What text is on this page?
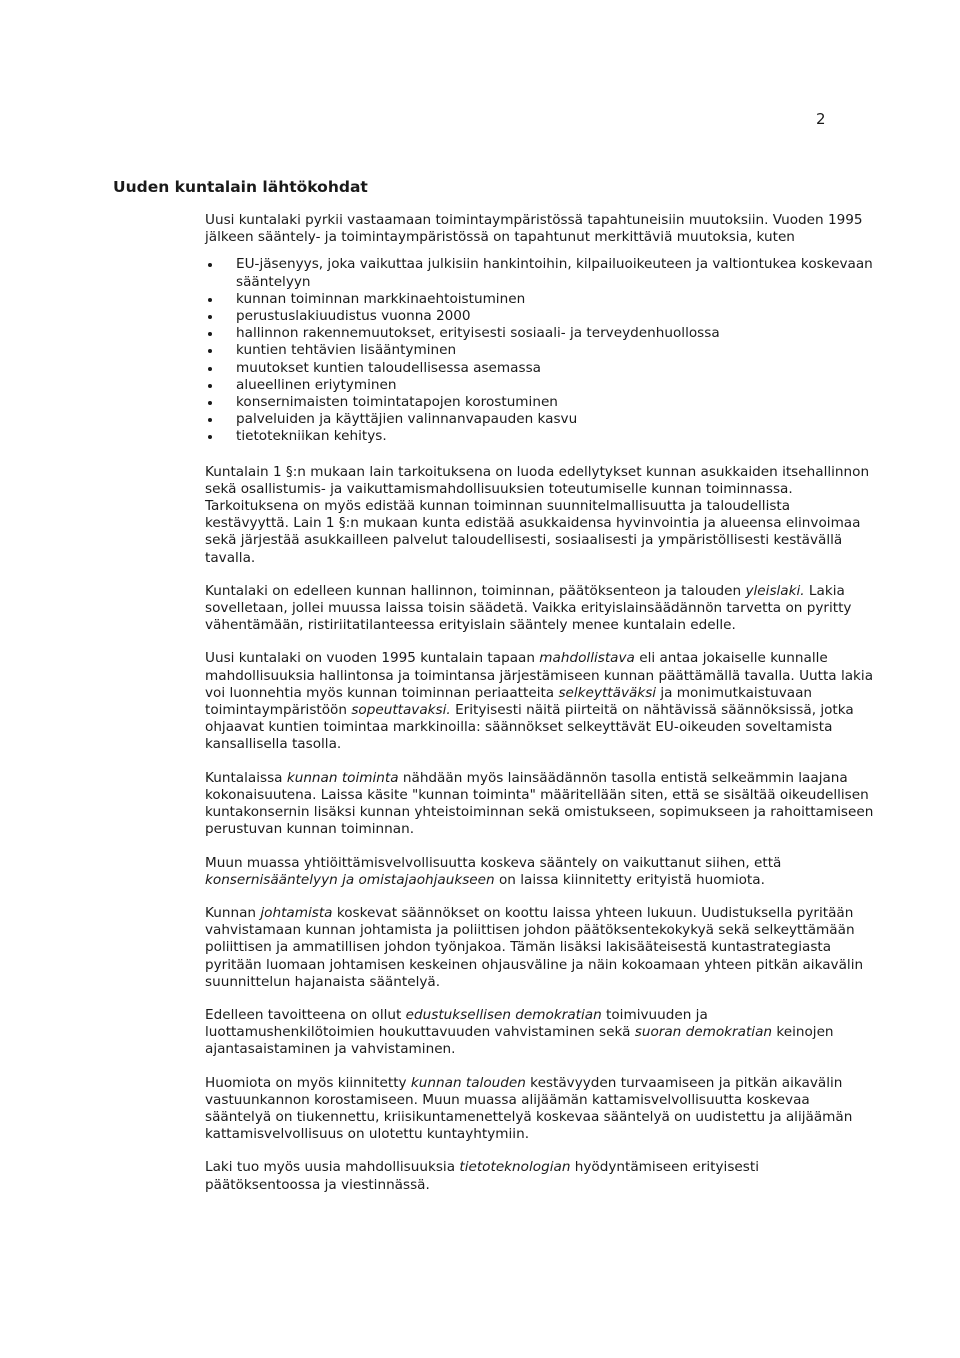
2
Uuden kuntalain lähtökohdat

Uusi kuntalaki pyrkii vastaamaan toimintaympäristössä tapahtuneisiin muutoksiin. Vuoden 1995 jälkeen sääntely- ja toimintaympäristössä on tapahtunut merkittäviä muutoksia, kuten

EU-jäsenyys, joka vaikuttaa julkisiin hankintoihin, kilpailuoikeuteen ja valtiontukea koskevaan sääntelyyn
kunnan toiminnan markkinaehtoistuminen
perustuslakiuudistus vuonna 2000
hallinnon rakennemuutokset, erityisesti sosiaali- ja terveydenhuollossa
kuntien tehtävien lisääntyminen
muutokset kuntien taloudellisessa asemassa
alueellinen eriytyminen
konsernimaisten toimintatapojen korostuminen
palveluiden ja käyttäjien valinnanvapauden kasvu
tietotekniikan kehitys.

Kuntalain 1 §:n mukaan lain tarkoituksena on luoda edellytykset kunnan asukkaiden itsehallinnon sekä osallistumis- ja vaikuttamismahdollisuuksien toteutumiselle kunnan toiminnassa. Tarkoituksena on myös edistää kunnan toiminnan suunnitelmallisuutta ja taloudellista kestävyyttä. Lain 1 §:n mukaan kunta edistää asukkaidensa hyvinvointia ja alueensa elinvoimaa sekä järjestää asukkailleen palvelut taloudellisesti, sosiaalisesti ja ympäristöllisesti kestävällä tavalla.

Kuntalaki on edelleen kunnan hallinnon, toiminnan, päätöksenteon ja talouden yleislaki. Lakia sovelletaan, jollei muussa laissa toisin säädetä. Vaikka erityislainsäädännön tarvetta on pyritty vähentämään, ristiriitatilanteessa erityislain sääntely menee kuntalain edelle.

Uusi kuntalaki on vuoden 1995 kuntalain tapaan mahdollistava eli antaa jokaiselle kunnalle mahdollisuuksia hallintonsa ja toimintansa järjestämiseen kunnan päättämällä tavalla. Uutta lakia voi luonnehtia myös kunnan toiminnan periaatteita selkeyttäväksi ja monimutkaistuvaan toimintaympäristöön sopeuttavaksi. Erityisesti näitä piirteitä on nähtävissä säännöksissä, jotka ohjaavat kuntien toimintaa markkinoilla: säännökset selkeyttävät EU-oikeuden soveltamista kansallisella tasolla.

Kuntalaissa kunnan toiminta nähdään myös lainsäädännön tasolla entistä selkeämmin laajana kokonaisuutena. Laissa käsite "kunnan toiminta" määritellään siten, että se sisältää oikeudellisen kuntakonsernin lisäksi kunnan yhteistoiminnan sekä omistukseen, sopimukseen ja rahoittamiseen perustuvan kunnan toiminnan.

Muun muassa yhtiöittämisvelvollisuutta koskeva sääntely on vaikuttanut siihen, että konsernisääntelyyn ja omistajaohjaukseen on laissa kiinnitetty erityistä huomiota.

Kunnan johtamista koskevat säännökset on koottu laissa yhteen lukuun. Uudistuksella pyritään vahvistamaan kunnan johtamista ja poliittisen johdon päätöksentekokykyä sekä selkeyttämään poliittisen ja ammatillisen johdon työnjakoa. Tämän lisäksi lakisääteisestä kuntastrategiasta pyritään luomaan johtamisen keskeinen ohjausväline ja näin kokoamaan yhteen pitkän aikavälin suunnittelun hajanaista sääntelyä.

Edelleen tavoitteena on ollut edustuksellisen demokratian toimivuuden ja luottamushenkilötoimien houkuttavuuden vahvistaminen sekä suoran demokratian keinojen ajantasaistaminen ja vahvistaminen.

Huomiota on myös kiinnitetty kunnan talouden kestävyyden turvaamiseen ja pitkän aikavälin vastuunkannon korostamiseen. Muun muassa alijäämän kattamisvelvollisuutta koskevaa sääntelyä on tiukennettu, kriisikuntamenettelyä koskevaa sääntelyä on uudistettu ja alijäämän kattamisvelvollisuus on ulotettu kuntayhtymiin.

Laki tuo myös uusia mahdollisuuksia tietoteknologian hyödyntämiseen erityisesti päätöksentoossa ja viestinnässä.
